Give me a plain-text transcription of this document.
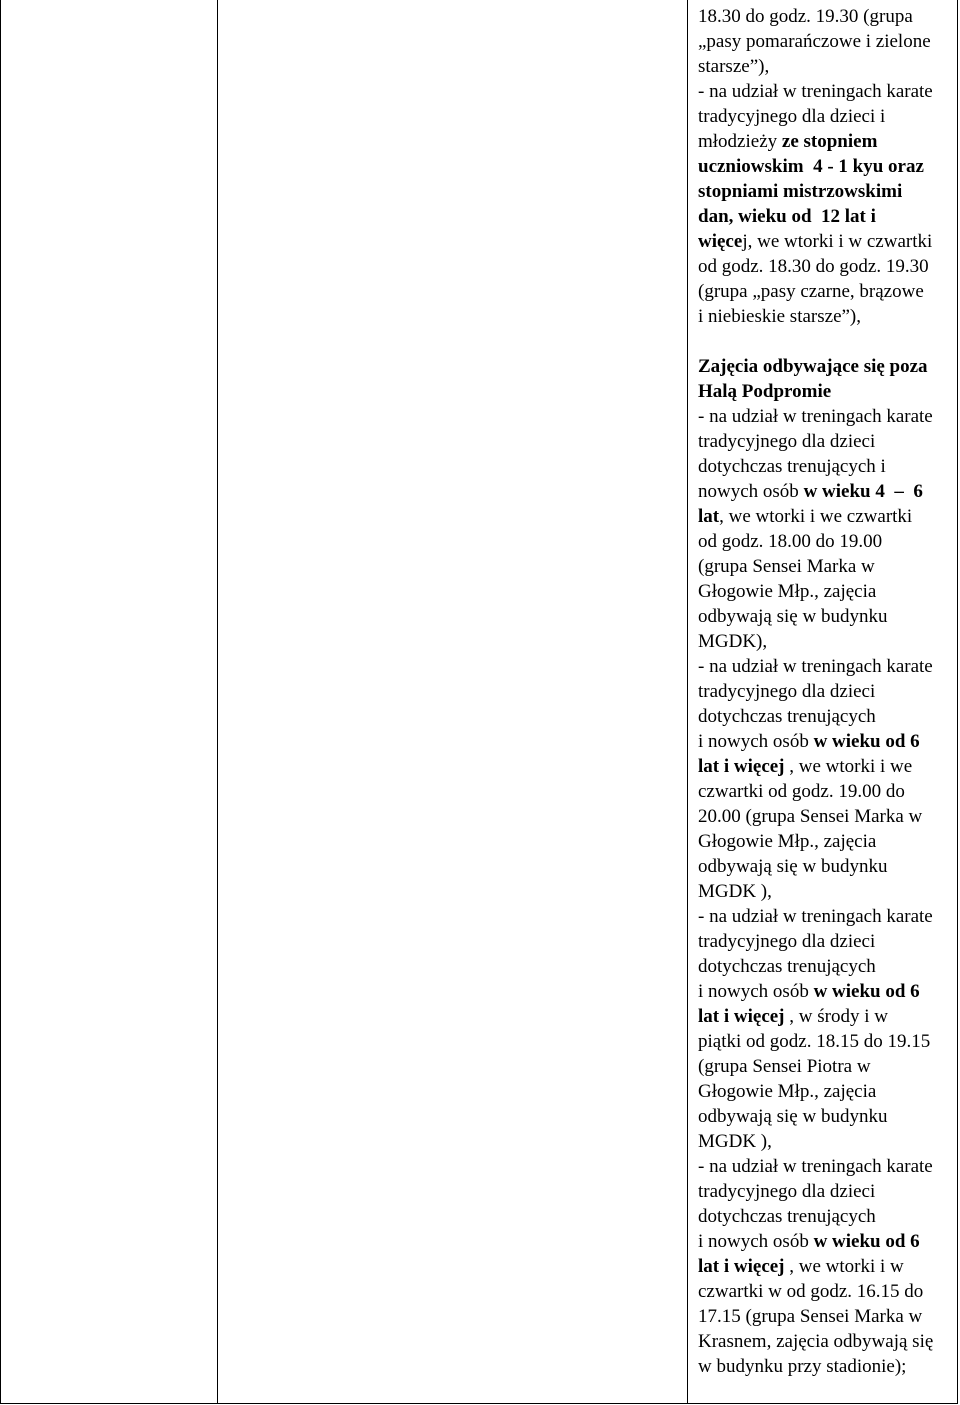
18.30 do godz. 19.30 (grupa
„pasy pomarańczowe i zielone
starsze”),
- na udział w treningach karate
tradycyjnego dla dzieci i
młodzieży ze stopniem
uczniowskim  4 - 1 kyu oraz
stopniami mistrzowskimi
dan, wieku od  12 lat i
więcej, we wtorki i w czwartki
od godz. 18.30 do godz. 19.30
(grupa „pasy czarne, brązowe
i niebieskie starsze”),
Zajęcia odbywające się poza
Halą Podpromie
- na udział w treningach karate
tradycyjnego dla dzieci
dotychczas trenujących i
nowych osób w wieku 4  –  6
lat, we wtorki i we czwartki
od godz. 18.00 do 19.00
(grupa Sensei Marka w
Głogowie Młp., zajęcia
odbywają się w budynku
MGDK),
- na udział w treningach karate
tradycyjnego dla dzieci
dotychczas trenujących
i nowych osób w wieku od 6
lat i więcej , we wtorki i we
czwartki od godz. 19.00 do
20.00 (grupa Sensei Marka w
Głogowie Młp., zajęcia
odbywają się w budynku
MGDK ),
- na udział w treningach karate
tradycyjnego dla dzieci
dotychczas trenujących
i nowych osób w wieku od 6
lat i więcej , w środy i w
piątki od godz. 18.15 do 19.15
(grupa Sensei Piotra w
Głogowie Młp., zajęcia
odbywają się w budynku
MGDK ),
- na udział w treningach karate
tradycyjnego dla dzieci
dotychczas trenujących
i nowych osób w wieku od 6
lat i więcej , we wtorki i w
czwartki w od godz. 16.15 do
17.15 (grupa Sensei Marka w
Krasnem, zajęcia odbywają się
w budynku przy stadionie);
